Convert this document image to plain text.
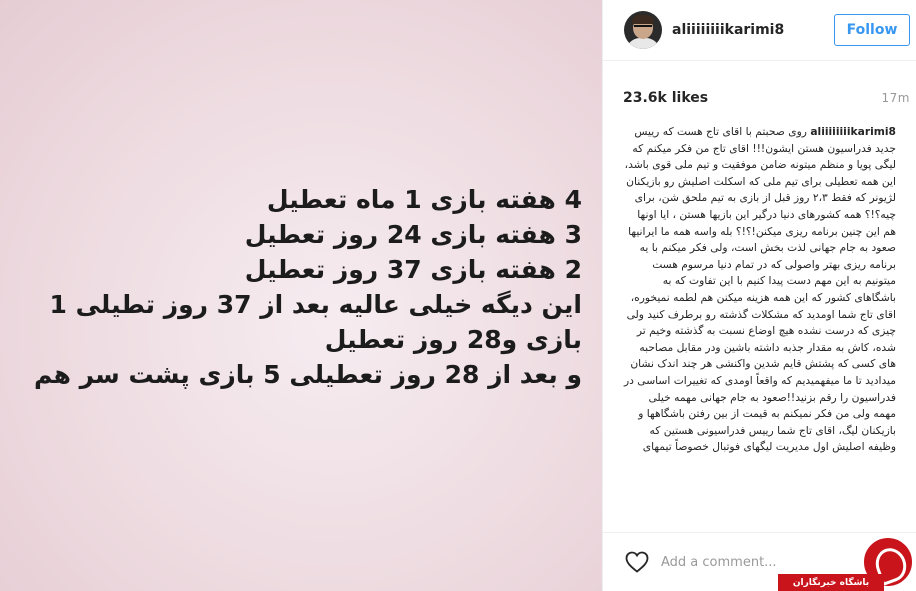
4 هفته بازی 1 ماه تعطیل
3 هفته بازی 24 روز تعطیل
2 هفته بازی 37 روز تعطیل
این دیگه خیلی عالیه بعد از 37 روز تطیلی 1 بازی و28 روز تعطیل
و بعد از 28 روز تعطیلی 5 بازی پشت سر هم
aliiiiiiiikarimi8	Follow
23.6k likes	17m
aliiiiiiiikarimi8 روی صحبتم با اقای تاج هست که رییس جدید فدراسیون هستن ایشون!!! اقای تاج من فکر میکنم که لیگی پویا و منظم میتونه ضامن موفقیت و تیم ملی قوی باشد، این همه تعطیلی برای تیم ملی که اسکلت اصلیش رو بازیکنان لژیونر که فقط ۲،۳ روز قبل از بازی به تیم ملحق شن، برای چیه؟!؟ همه کشورهای دنیا درگیر این بازیها هستن ، ایا اونها هم این چنین برنامه ریزی میکنن!؟!؟ بله واسه همه ما ایرانیها صعود به جام جهانی لذت بخش است، ولی فکر میکنم با یه برنامه ریزی بهتر واصولی که در تمام دنیا مرسوم هست میتونیم به این مهم دست پیدا کنیم با این تفاوت که به باشگاهای کشور که این همه هزینه میکنن هم لطمه نمیخوره، اقای تاج شما اومدید که مشکلات گذشته رو برطرف کنید ولی چیزی که درست نشده هیچ اوضاع نسبت به گذشته وخیم تر شده، کاش به مقدار جذبه داشته باشین ودر مقابل مصاحبه های کسی که پشتش قایم شدین واکنشی هر چند اندک نشان میدادید تا ما میفهمیدیم که واقعاً اومدی که تغییرات اساسی در فدراسیون را رقم بزنید!!صعود به جام جهانی مهمه خیلی مهمه ولی من فکر نمیکنم به قیمت از بین رفتن باشگاهها و بازیکنان لیگ، اقای تاج شما رییس فدراسیونی هستین که وظیفه اصلیش اول مدیریت لیگهای فوتبال خصوصاً تیمهای
Add a comment...
باشگاه خبرنگاران
